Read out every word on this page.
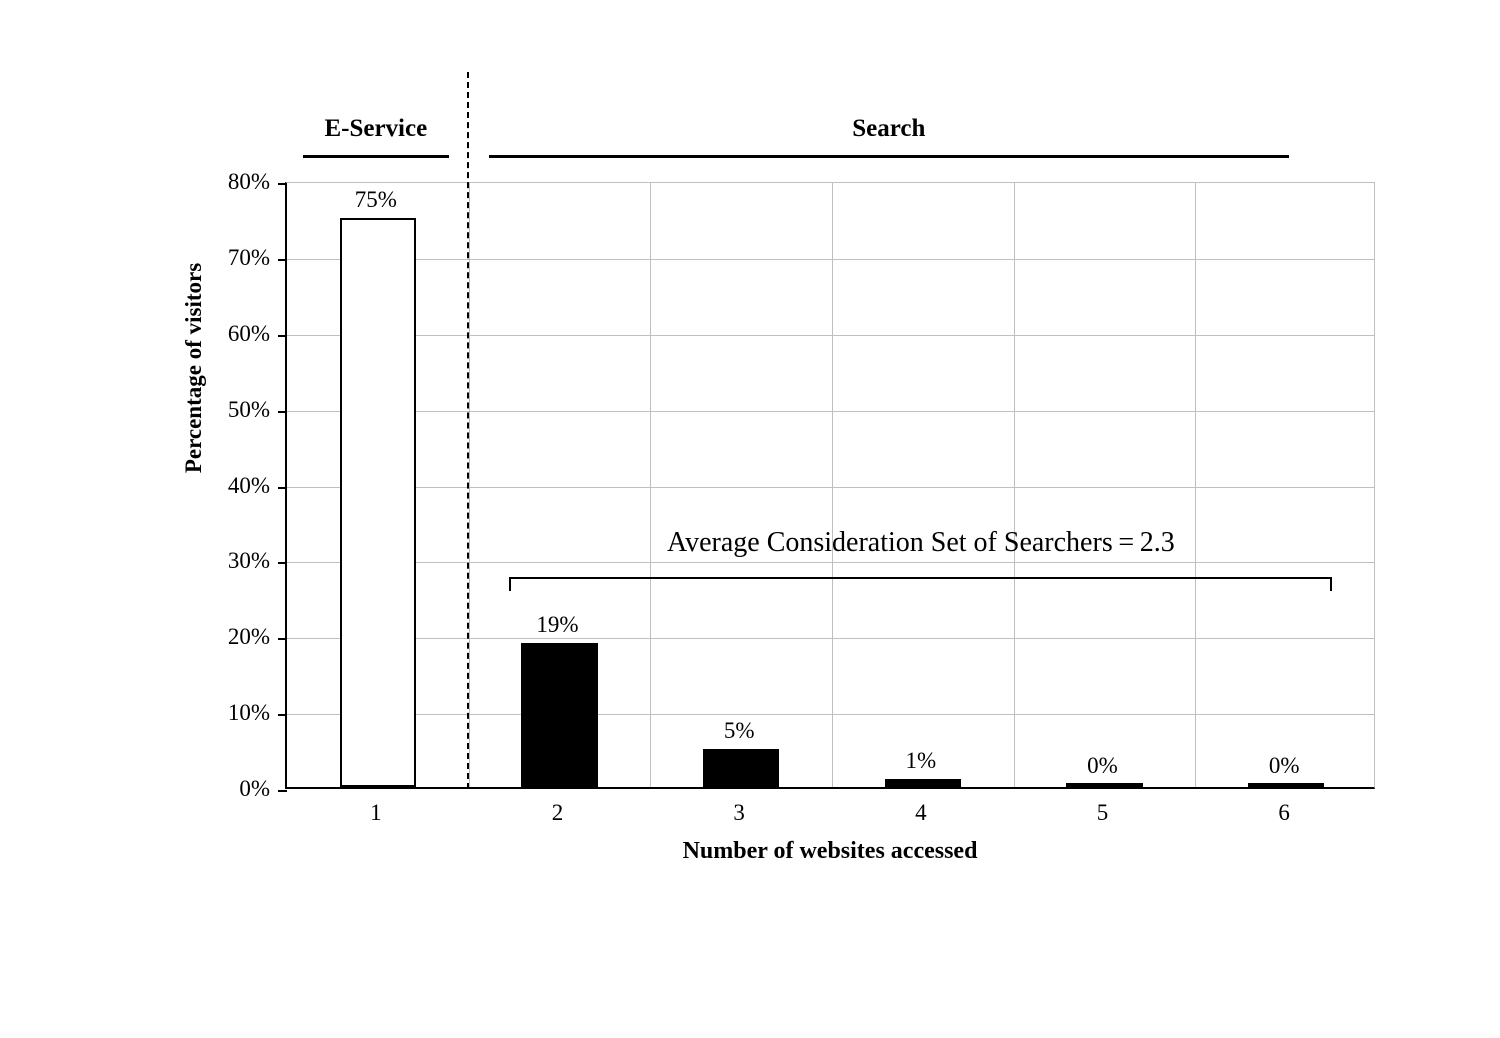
E-Service	Search
Percentage of visitors
Number of websites accessed
Average Consideration Set of Searchers = 2.3
0%
10%
20%
30%
40%
50%
60%
70%
80%
75%
1
19%
2
5%
3
1%
4
0%
5
0%
6
